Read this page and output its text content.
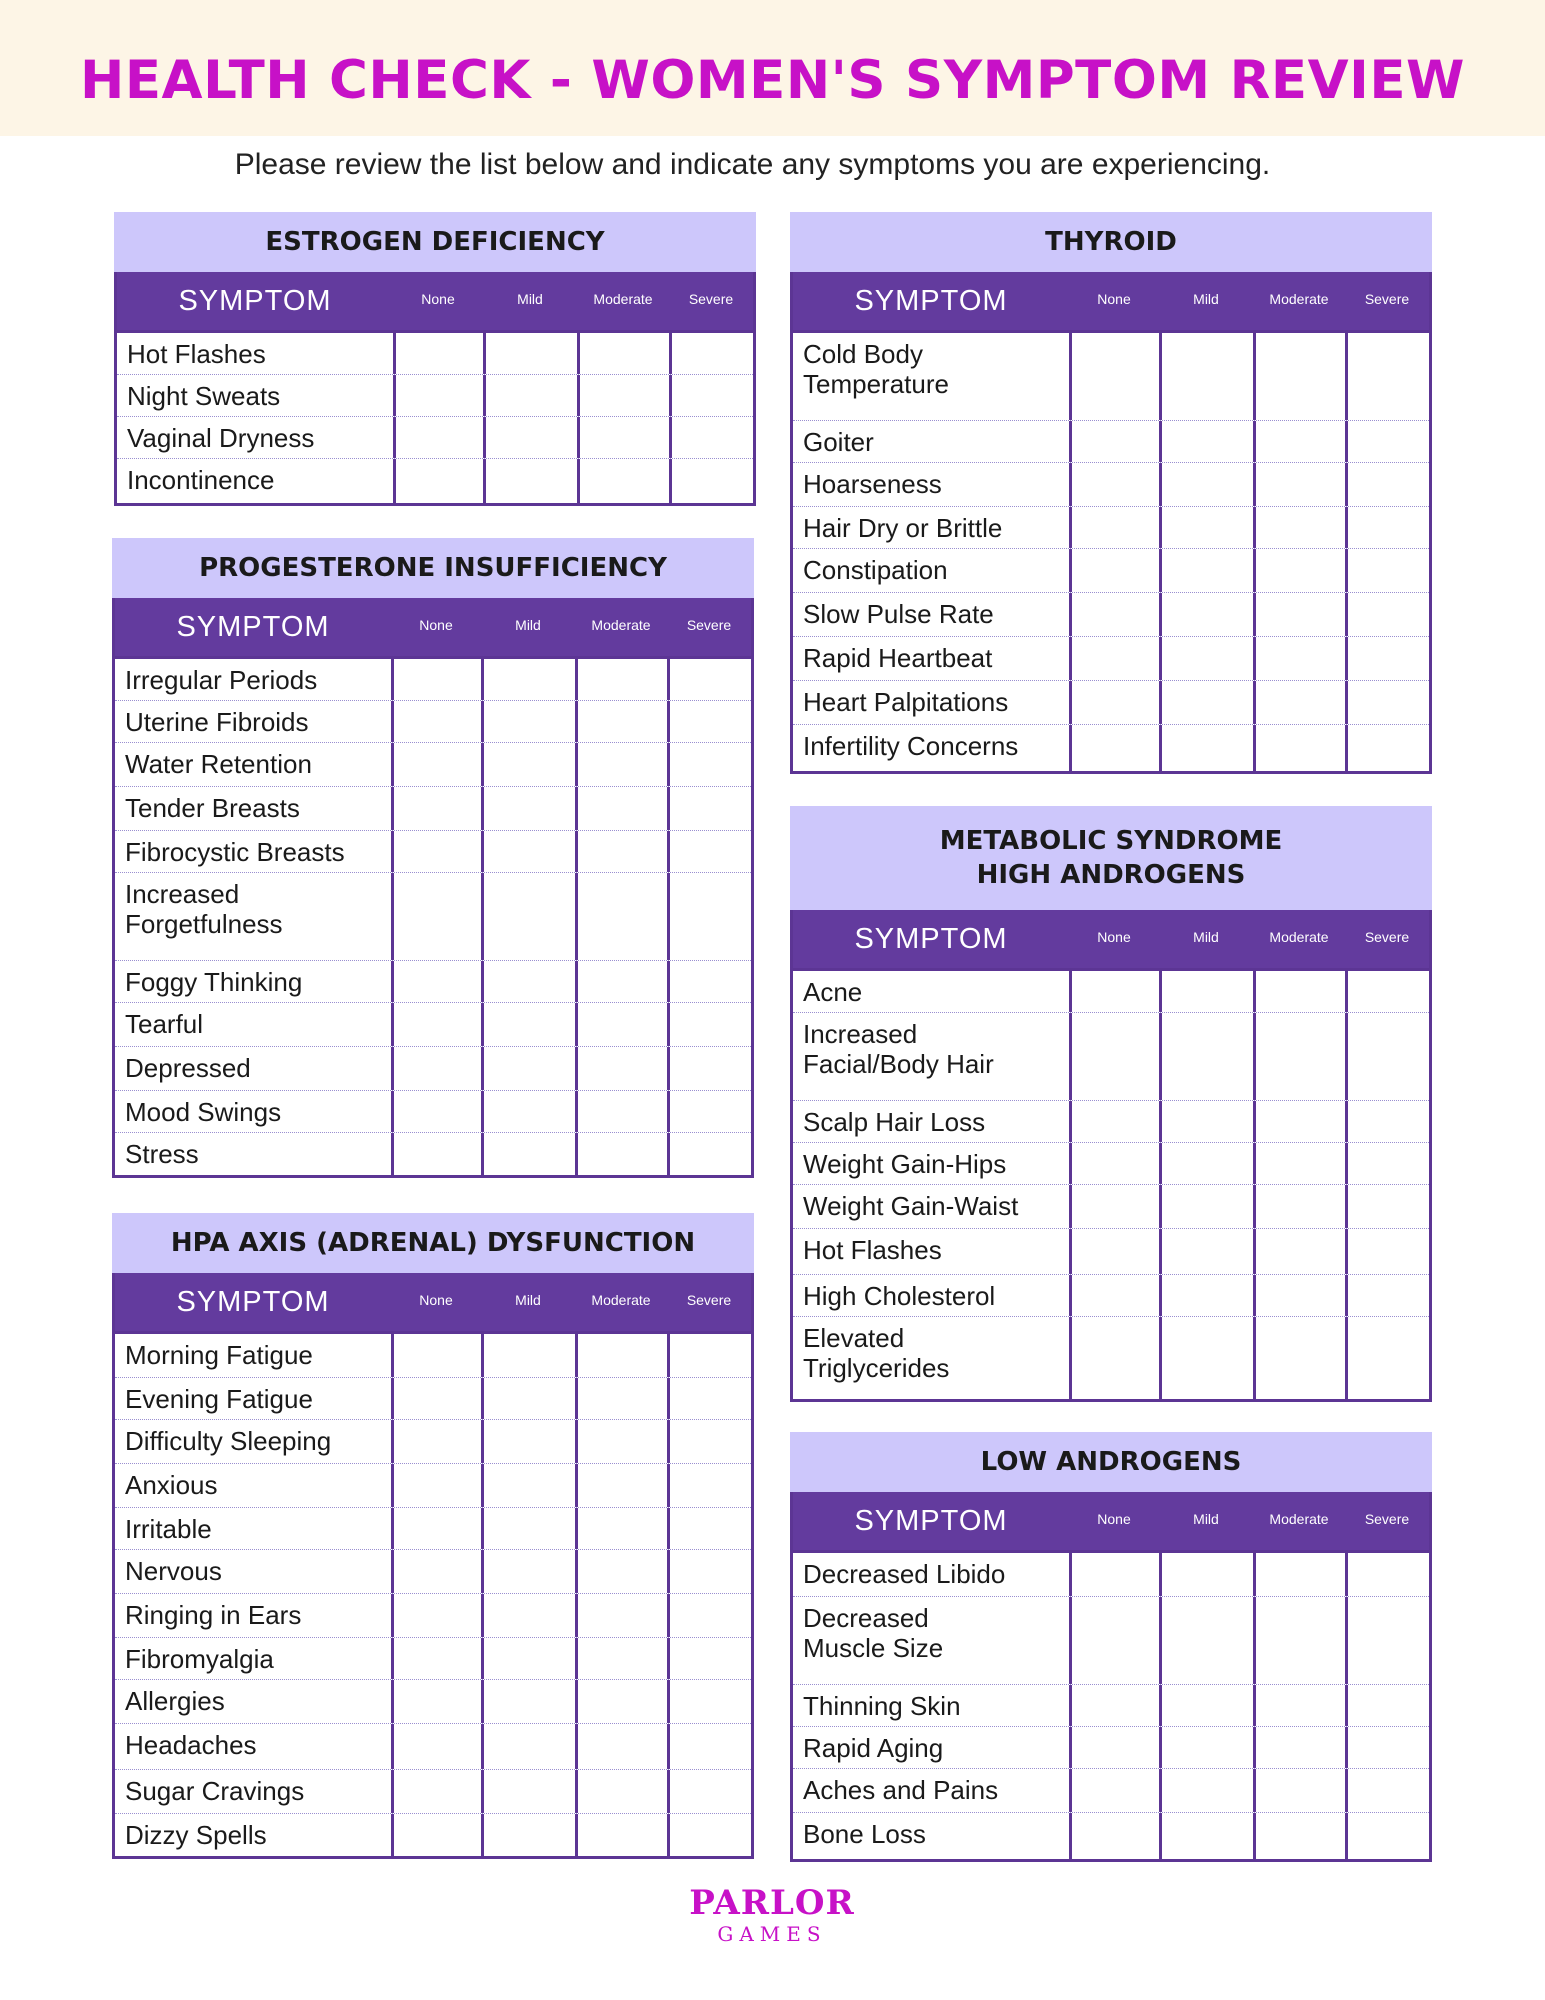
HEALTH CHECK - WOMEN'S SYMPTOM REVIEW
Please review the list below and indicate any symptoms you are experiencing.
ESTROGEN DEFICIENCY
SYMPTOM	None	Mild	Moderate	Severe
Hot Flashes
Night Sweats
Vaginal Dryness
Incontinence
PROGESTERONE INSUFFICIENCY
SYMPTOM	None	Mild	Moderate	Severe
Irregular Periods
Uterine Fibroids
Water Retention
Tender Breasts
Fibrocystic Breasts
Increased
Forgetfulness
Foggy Thinking
Tearful
Depressed
Mood Swings
Stress
HPA AXIS (ADRENAL) DYSFUNCTION
SYMPTOM	None	Mild	Moderate	Severe
Morning Fatigue
Evening Fatigue
Difficulty Sleeping
Anxious
Irritable
Nervous
Ringing in Ears
Fibromyalgia
Allergies
Headaches
Sugar Cravings
Dizzy Spells
THYROID
SYMPTOM	None	Mild	Moderate	Severe
Cold Body
Temperature
Goiter
Hoarseness
Hair Dry or Brittle
Constipation
Slow Pulse Rate
Rapid Heartbeat
Heart Palpitations
Infertility Concerns
METABOLIC SYNDROME
HIGH ANDROGENS
SYMPTOM	None	Mild	Moderate	Severe
Acne
Increased
Facial/Body Hair
Scalp Hair Loss
Weight Gain-Hips
Weight Gain-Waist
Hot Flashes
High Cholesterol
Elevated
Triglycerides
LOW ANDROGENS
SYMPTOM	None	Mild	Moderate	Severe
Decreased Libido
Decreased
Muscle Size
Thinning Skin
Rapid Aging
Aches and Pains
Bone Loss
PARLOR
GAMES
